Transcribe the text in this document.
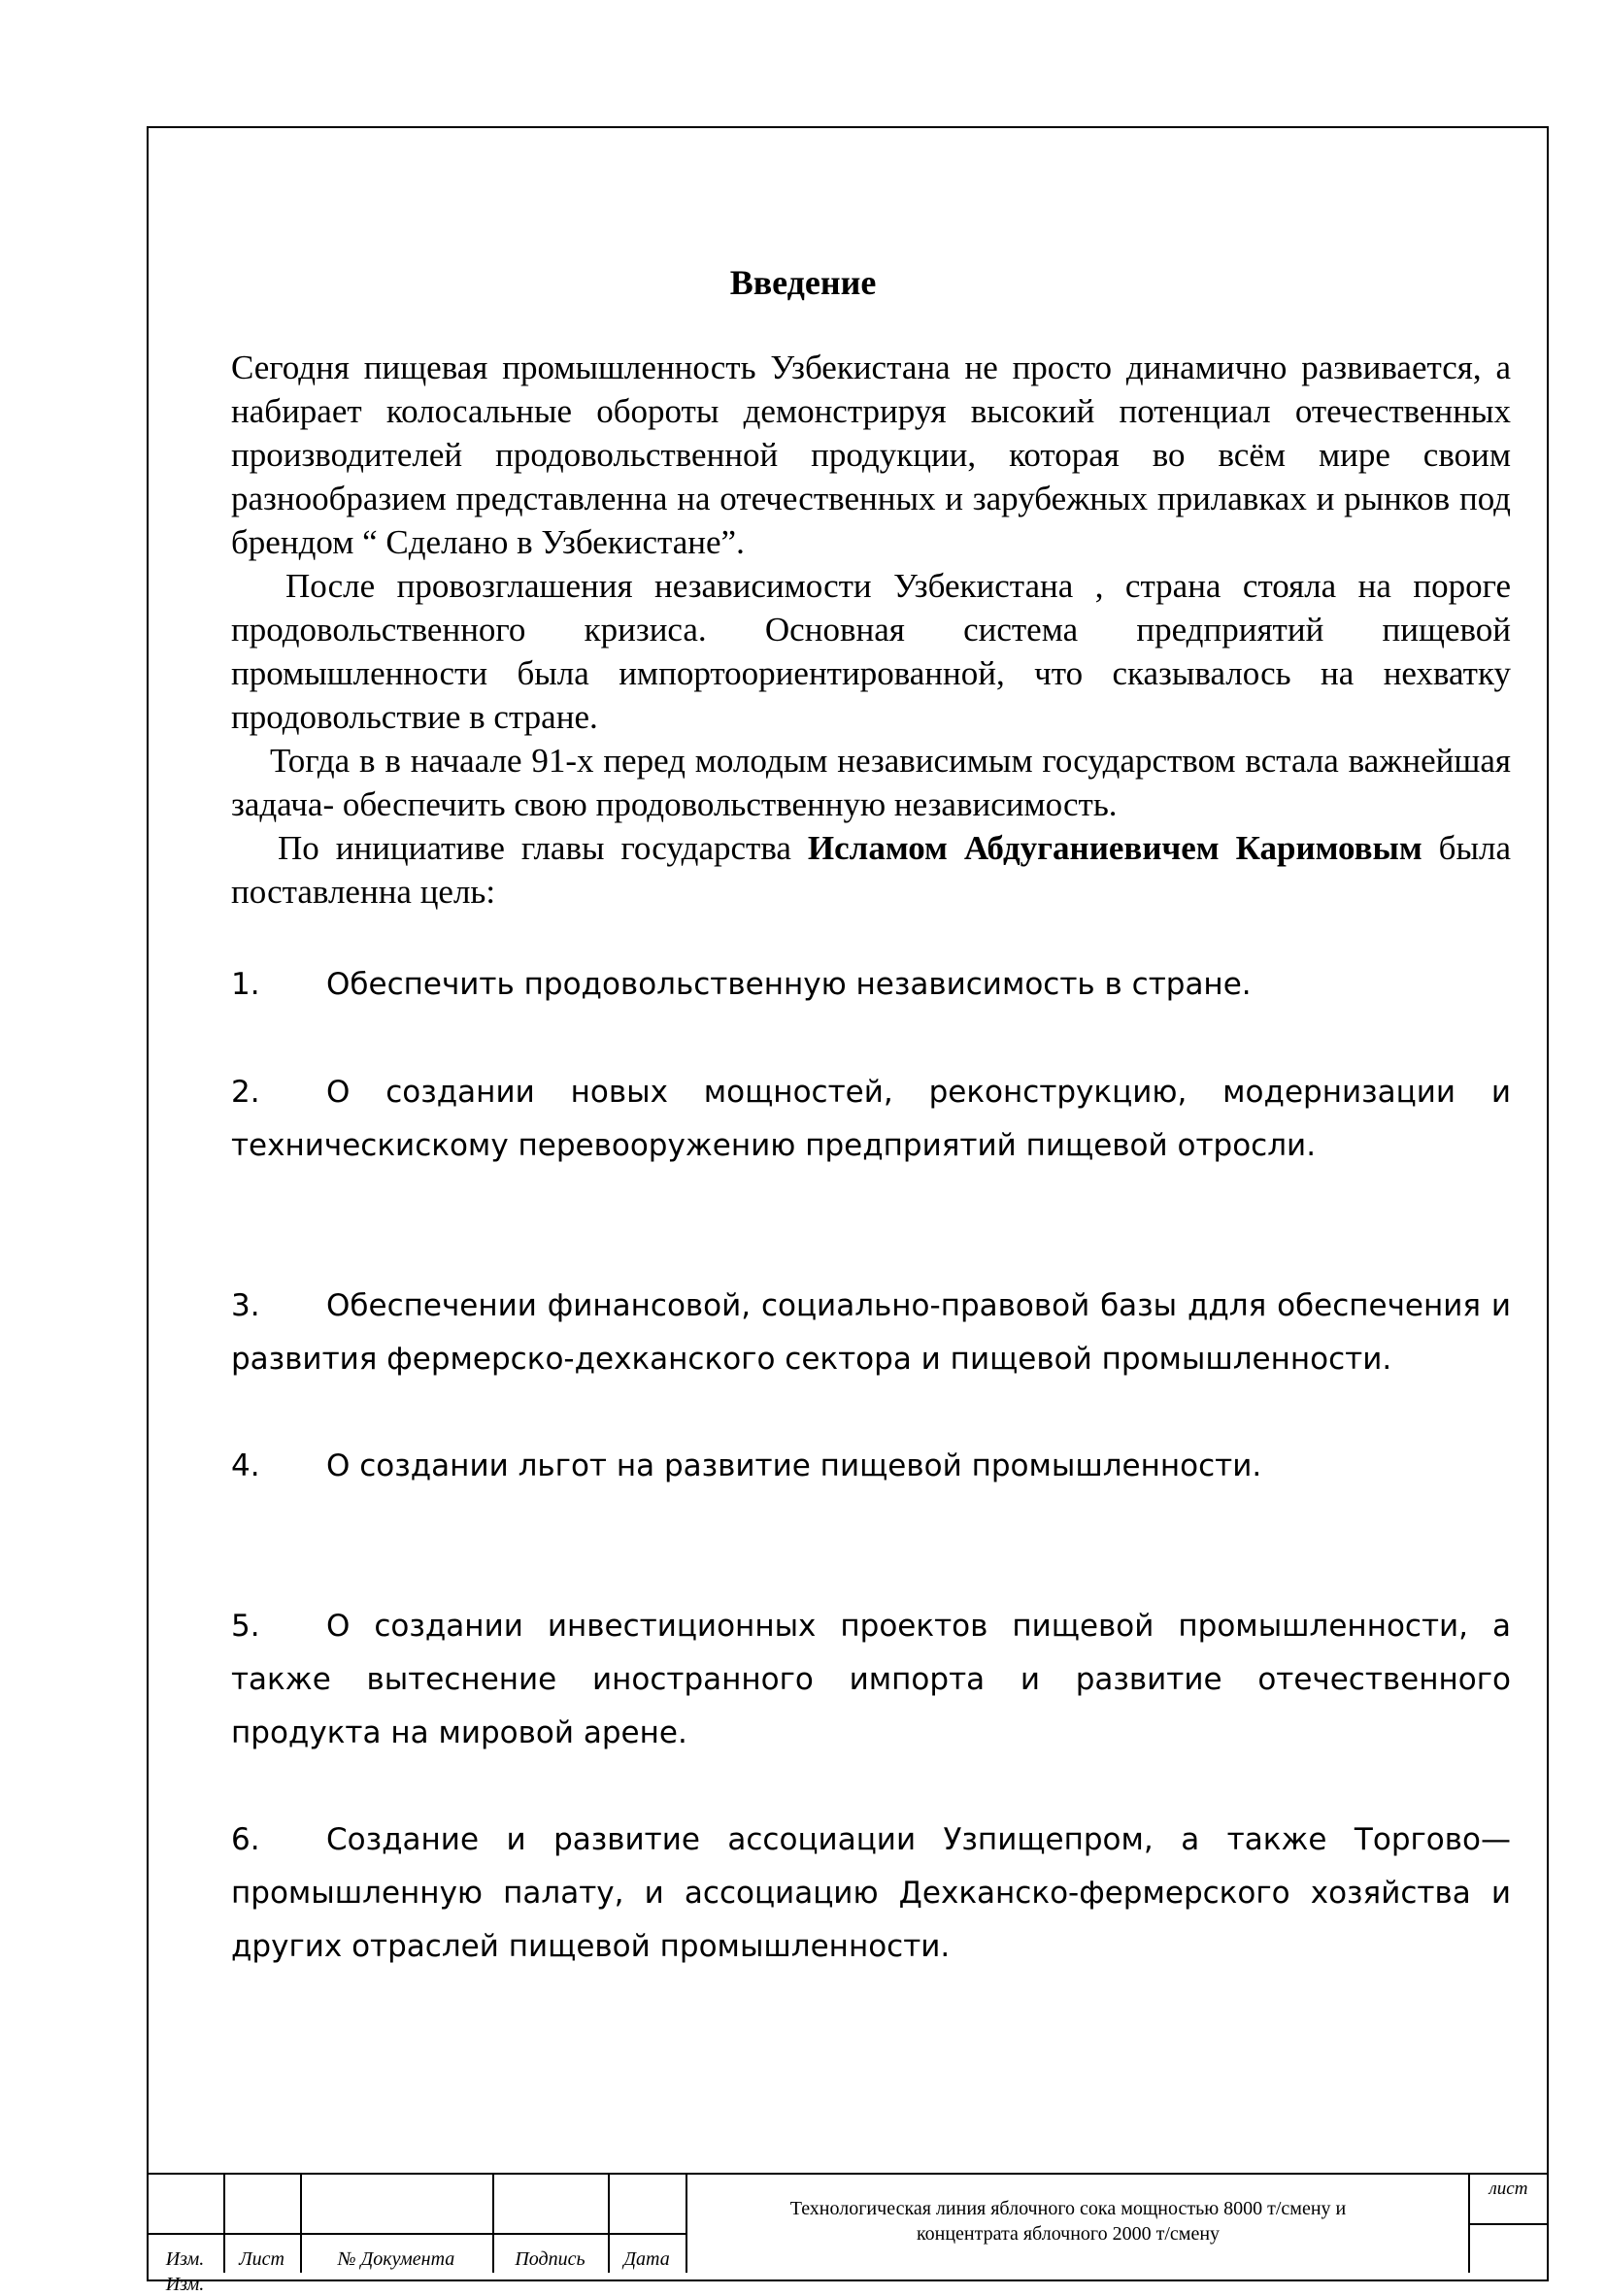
Введение
Сегодня пищевая промышленность Узбекистана не просто динамично развивается, а набирает колосальные обороты демонстрируя высокий потенциал отечественных производителей продовольственной продукции, которая во всём мире своим разнообразием представленна на отечественных и зарубежных прилавках и рынков под брендом “ Сделано в Узбекистане”.
После провозглашения независимости Узбекистана , страна стояла на пороге продовольственного кризиса. Основная система предприятий пищевой промышленности была импортоориентированной, что сказывалось на нехватку продовольствие в стране.
Тогда в в начаале 91-х перед молодым независимым государством встала важнейшая задача- обеспечить свою продовольственную независимость.
По инициативе главы государства Исламом Абдуганиевичем Каримовым была поставленна цель:
1. Обеспечить продовольственную независимость в стране.
2. О создании новых мощностей, реконструкцию, модернизации и техническискому перевооружению предприятий пищевой отросли.
3. Обеспечении финансовой, социально-правовой базы ддля обеспечения и развития фермерско-дехканского сектора и пищевой промышленности.
4. О создании льгот на развитие пищевой промышленности.
5. О создании инвестиционных проектов пищевой промышленности, а также вытеснение иностранного импорта и развитие отечественного продукта на мировой арене.
6. Создание и развитие ассоциации Узпищепром, а также Торгово—промышленную палату, и ассоциацию Дехканско-фермерского хозяйства и других отраслей пищевой промышленности.
Изм.
Технологическая линия яблочного сока мощностью 8000 т/смену и
концентрата яблочного 2000 т/смену
лист
Изм.	Лист	№ Документа	Подпись	Дата
